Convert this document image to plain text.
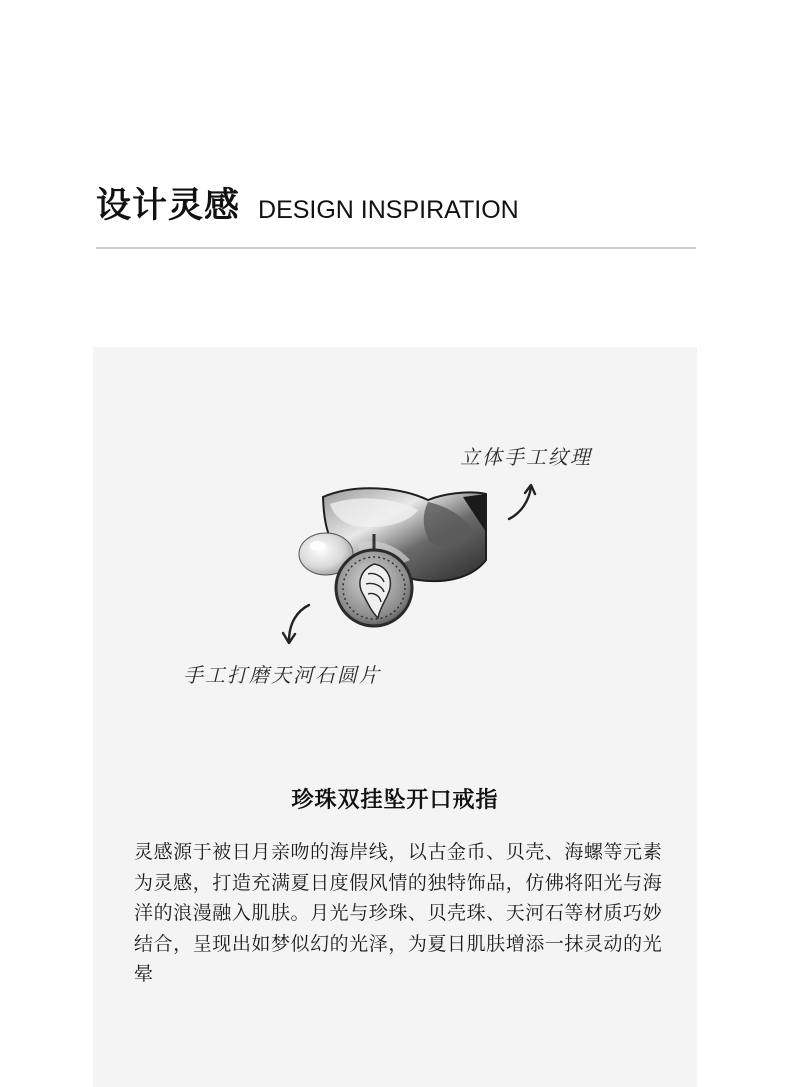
设计灵感 DESIGN INSPIRATION
立体手工纹理
手工打磨天河石圆片
珍珠双挂坠开口戒指
灵感源于被日月亲吻的海岸线，以古金币、贝壳、海螺等元素为灵感，打造充满夏日度假风情的独特饰品，仿佛将阳光与海洋的浪漫融入肌肤。月光与珍珠、贝壳珠、天河石等材质巧妙结合，呈现出如梦似幻的光泽，为夏日肌肤增添一抹灵动的光晕
